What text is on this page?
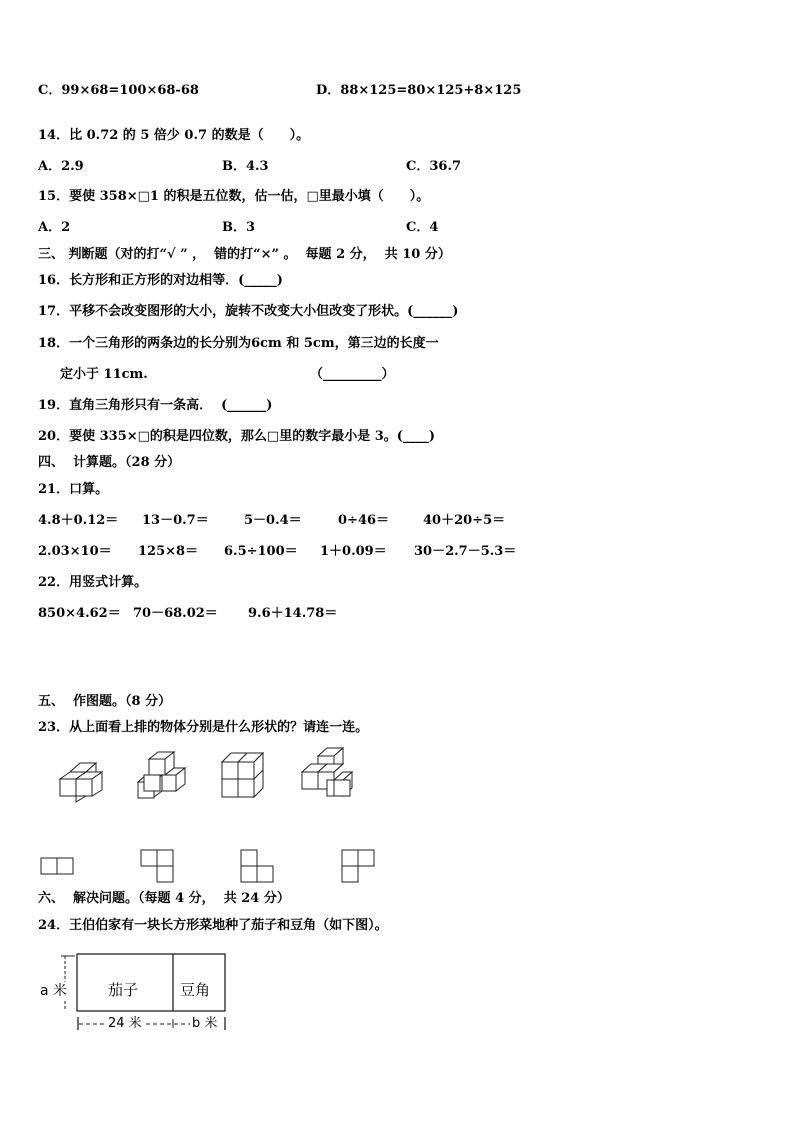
C．99×68=100×68-68	D．88×125=80×125+8×125
14．比 0.72 的 5 倍少 0.7 的数是（　　）。
A．2.9	B．4.3	C．36.7
15．要使 358×□1 的积是五位数，估一估，□里最小填（　　）。
A．2	B．3	C．4
三、 判断题（对的打“√ ” ，  错的打“×” 。  每题 2 分，  共 10 分）
16．长方形和正方形的对边相等．(_____)
17．平移不会改变图形的大小，旋转不改变大小但改变了形状。(______)
18．一个三角形的两条边的长分别为6cm 和 5cm，第三边的长度一
定小于 11cm.	（_________）
19．直角三角形只有一条高．  (______)
20．要使 335×□的积是四位数，那么□里的数字最小是 3。(____)
四、  计算题。（28 分）
21．口算。
4.8＋0.12＝ 13－0.7＝	5－0.4＝	0÷46＝	40＋20÷5＝
2.03×10＝ 125×8＝ 6.5÷100＝ 1＋0.09＝ 30－2.7－5.3＝
22．用竖式计算。
850×4.62＝ 70－68.02＝ 9.6＋14.78＝
五、  作图题。（8 分）
23．从上面看上排的物体分别是什么形状的？请连一连。
茄子	豆角
a 米
24 米	b 米
六、  解决问题。（每题 4 分，  共 24 分）
24．王伯伯家有一块长方形菜地种了茄子和豆角（如下图）。
